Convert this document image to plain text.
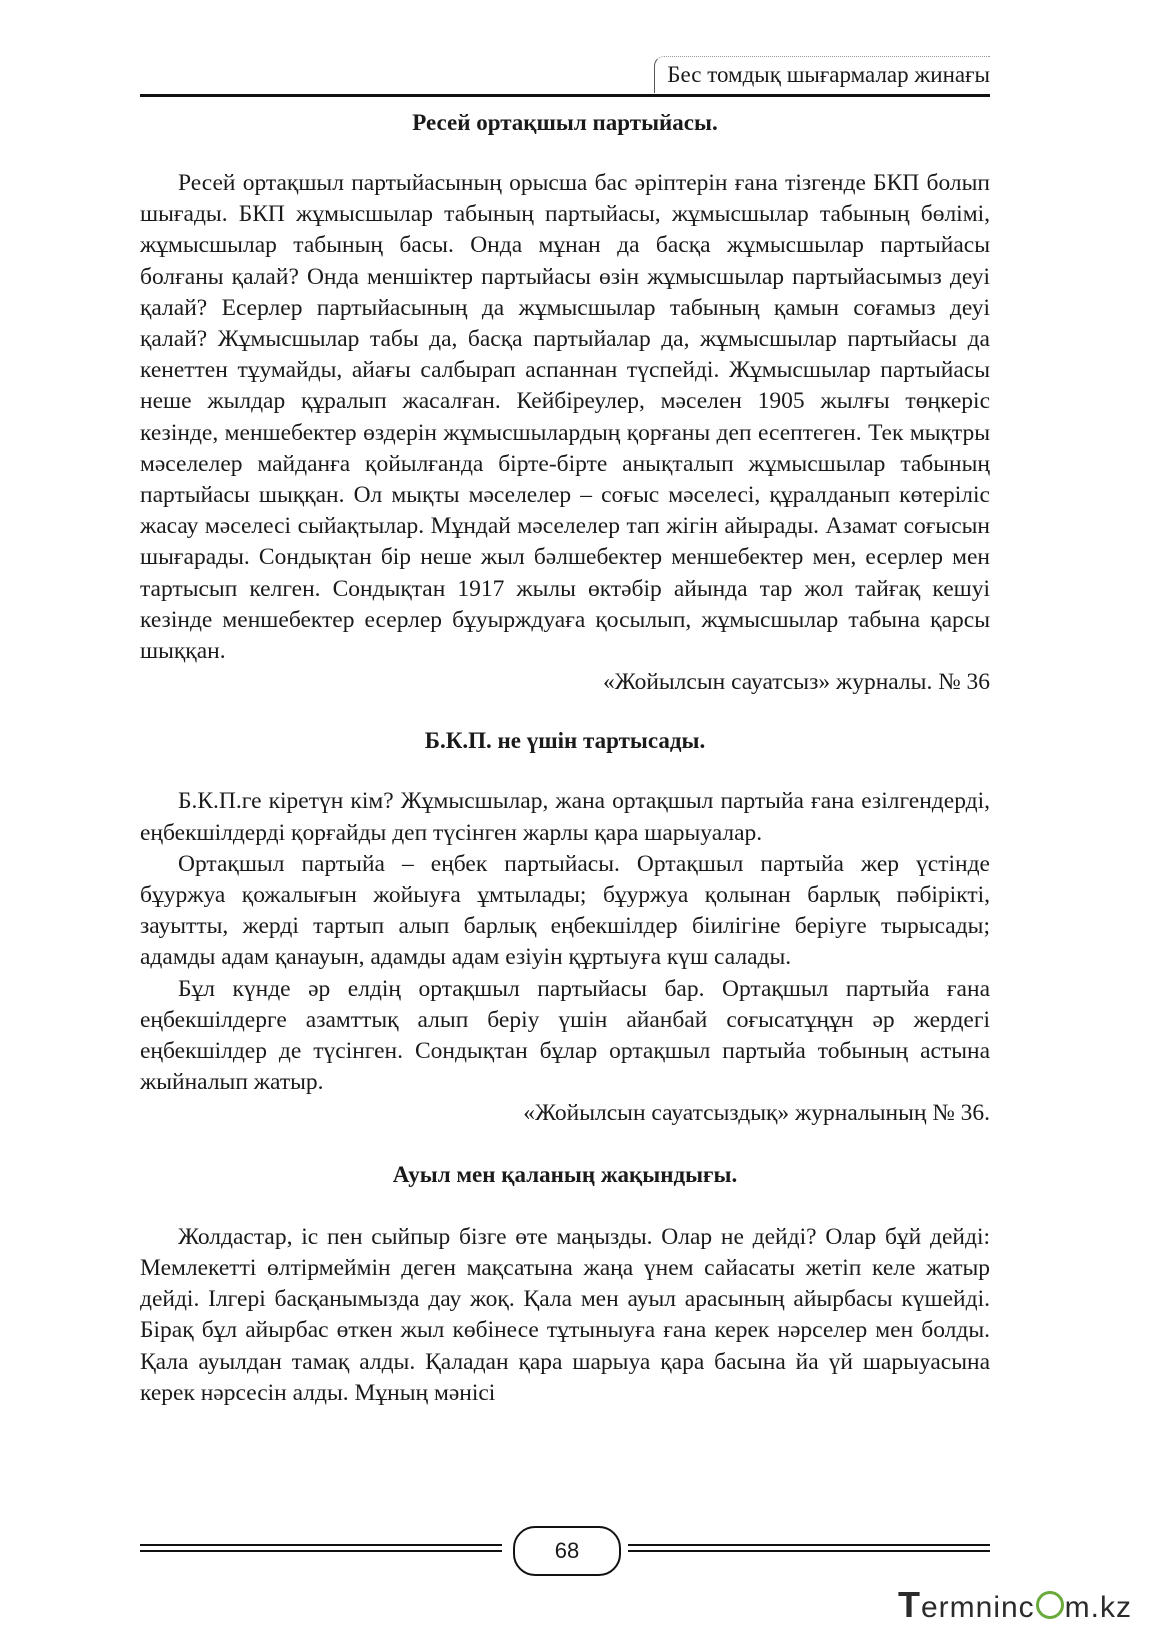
Бес томдық шығармалар жинағы
Ресей ортақшыл партыйасы.

Ресей ортақшыл партыйасының орысша бас әріптерін ғана тізгенде БКП болып шығады. БКП жұмысшылар табының партыйасы, жұмысшылар табының бөлімі, жұмысшылар табының басы. Онда мұнан да басқа жұмысшылар партыйасы болғаны қалай? Онда меншіктер партыйасы өзін жұмысшылар партыйасымыз деуі қалай? Есерлер партыйасының да жұмысшылар табының қамын соғамыз деуі қалай? Жұмысшылар табы да, басқа партыйалар да, жұмысшылар партыйасы да кенеттен тұумайды, айағы салбырап аспаннан түспейді. Жұмысшылар партыйасы неше жылдар құралып жасалған. Кейбіреулер, мәселен 1905 жылғы төңкеріс кезінде, меншебектер өздерін жұмысшылардың қорғаны деп есептеген. Тек мықтры мәселелер майданға қойылғанда бірте-бірте анықталып жұмысшылар табының партыйасы шыққан. Ол мықты мәселелер – соғыс мәселесі, құралданып көтеріліс жасау мәселесі сыйақтылар. Мұндай мәселелер тап жігін айырады. Азамат соғысын шығарады. Сондықтан бір неше жыл бәлшебектер меншебектер мен, есерлер мен тартысып келген. Сондықтан 1917 жылы өктәбір айында тар жол тайғақ кешуі кезінде меншебектер есерлер бұуырждуаға қосылып, жұмысшылар табына қарсы шыққан.

«Жойылсын сауатсыз» журналы. № 36

Б.К.П. не үшін тартысады.

Б.К.П.ге кіретүн кім? Жұмысшылар, жана ортақшыл партыйа ғана езілгендерді, еңбекшілдерді қорғайды деп түсінген жарлы қара шарыуалар.

Ортақшыл партыйа – еңбек партыйасы. Ортақшыл партыйа жер үстінде бұуржуа қожалығын жойыуға ұмтылады; бұуржуа қолынан барлық пәбірікті, зауытты, жерді тартып алып барлық еңбекшілдер біилігіне беріуге тырысады; адамды адам қанауын, адамды адам езіуін құртыуға күш салады.

Бұл күнде әр елдің ортақшыл партыйасы бар. Ортақшыл партыйа ғана еңбекшілдерге азамттық алып беріу үшін айанбай соғысатұңұн әр жердегі еңбекшілдер де түсінген. Сондықтан бұлар ортақшыл партыйа тобының астына жыйналып жатыр.

«Жойылсын сауатсыздық» журналының № 36.

Ауыл мен қаланың жақындығы.

Жолдастар, іс пен сыйпыр бізге өте маңызды. Олар не дейді? Олар бұй дейді: Мемлекетті өлтірмеймін деген мақсатына жаңа үнем сайасаты жетіп келе жатыр дейді. Ілгері басқанымызда дау жоқ. Қала мен ауыл арасының айырбасы күшейді. Бірақ бұл айырбас өткен жыл көбінесе тұтыныуға ғана керек нәрселер мен болды. Қала ауылдан тамақ алды. Қаладан қара шарыуа қара басына йа үй шарыуасына керек нәрсесін алды. Мұның мәнісі

68
Termninc m.kz
